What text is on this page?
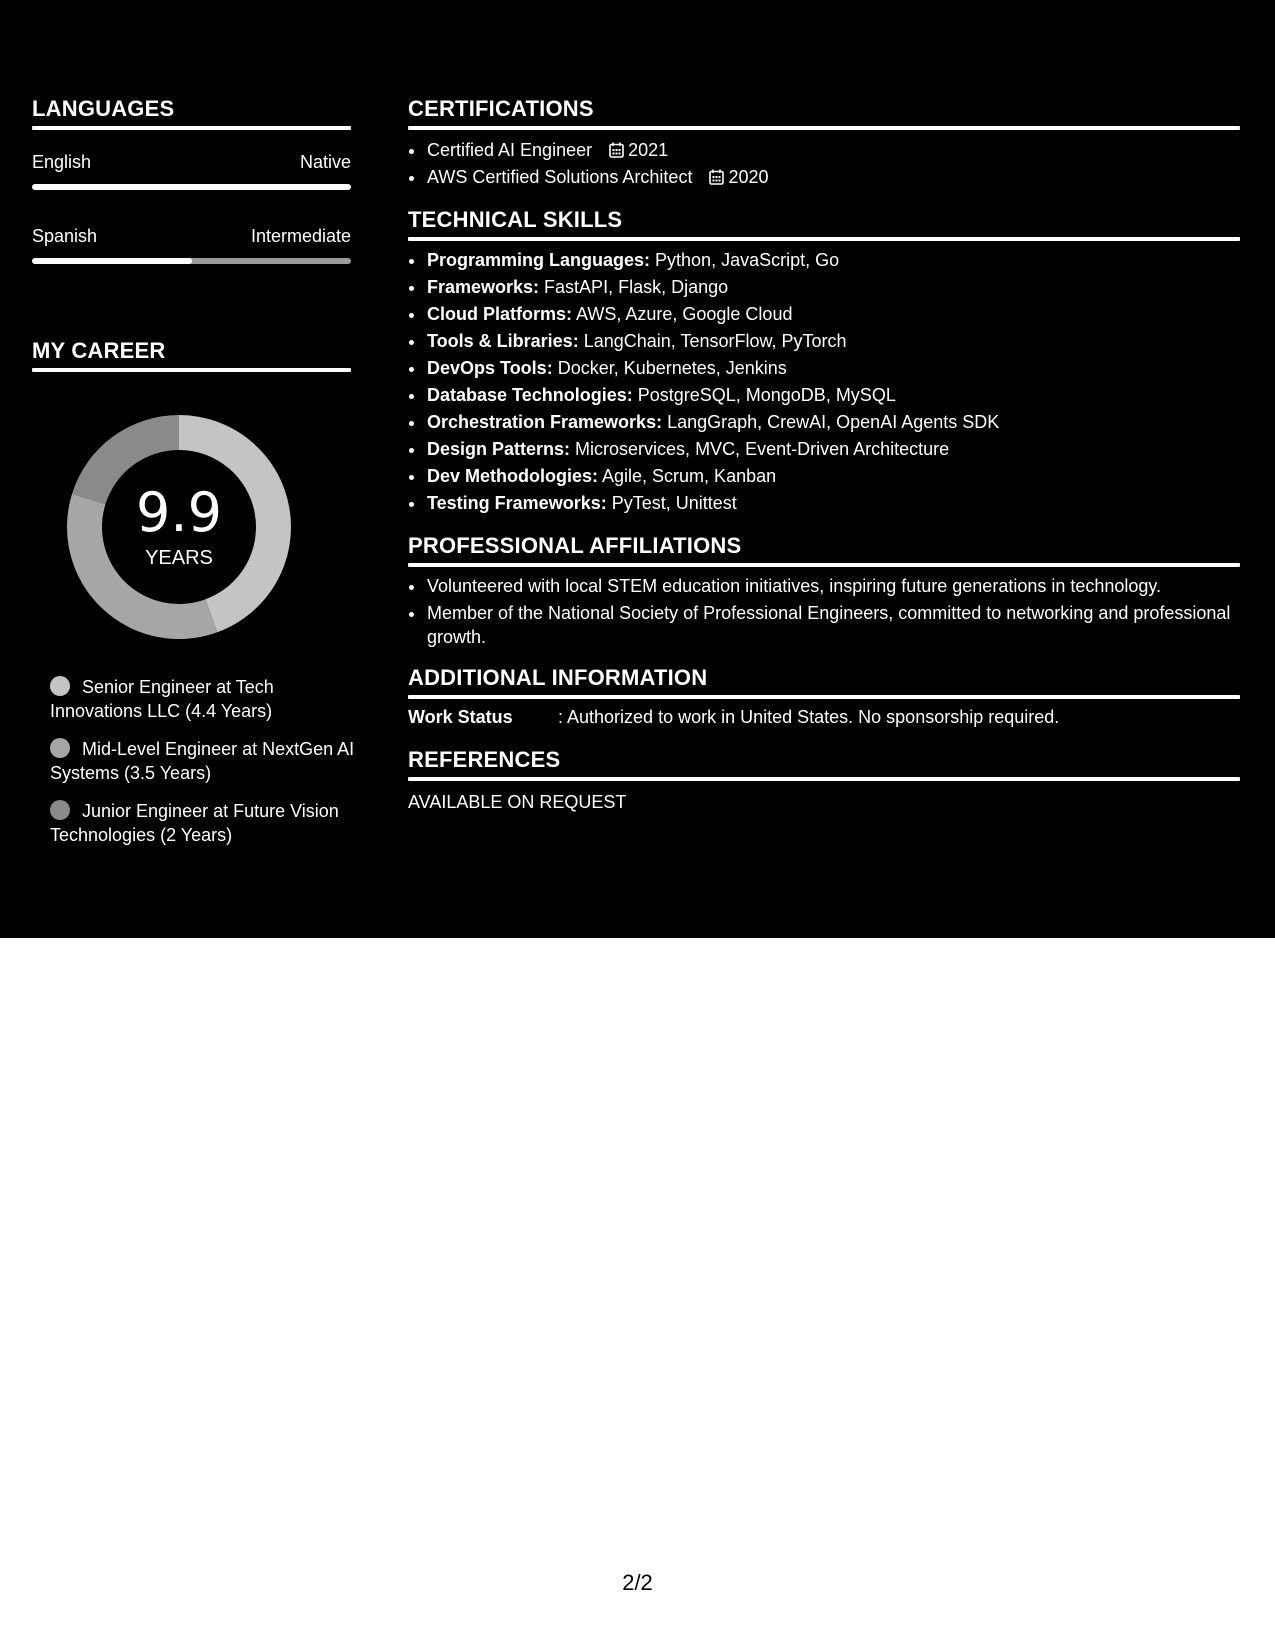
LANGUAGES
English	Native
Spanish	Intermediate
MY CAREER
9.9
YEARS
Senior Engineer at Tech Innovations LLC (4.4 Years)
Mid-Level Engineer at NextGen AI Systems (3.5 Years)
Junior Engineer at Future Vision Technologies (2 Years)
CERTIFICATIONS
• Certified AI Engineer 2021
• AWS Certified Solutions Architect 2020
TECHNICAL SKILLS
• Programming Languages: Python, JavaScript, Go
• Frameworks: FastAPI, Flask, Django
• Cloud Platforms: AWS, Azure, Google Cloud
• Tools & Libraries: LangChain, TensorFlow, PyTorch
• DevOps Tools: Docker, Kubernetes, Jenkins
• Database Technologies: PostgreSQL, MongoDB, MySQL
• Orchestration Frameworks: LangGraph, CrewAI, OpenAI Agents SDK
• Design Patterns: Microservices, MVC, Event-Driven Architecture
• Dev Methodologies: Agile, Scrum, Kanban
• Testing Frameworks: PyTest, Unittest
PROFESSIONAL AFFILIATIONS
• Volunteered with local STEM education initiatives, inspiring future generations in technology.
• Member of the National Society of Professional Engineers, committed to networking and professional growth.
ADDITIONAL INFORMATION
Work Status	: Authorized to work in United States. No sponsorship required.
REFERENCES
AVAILABLE ON REQUEST
2/2
